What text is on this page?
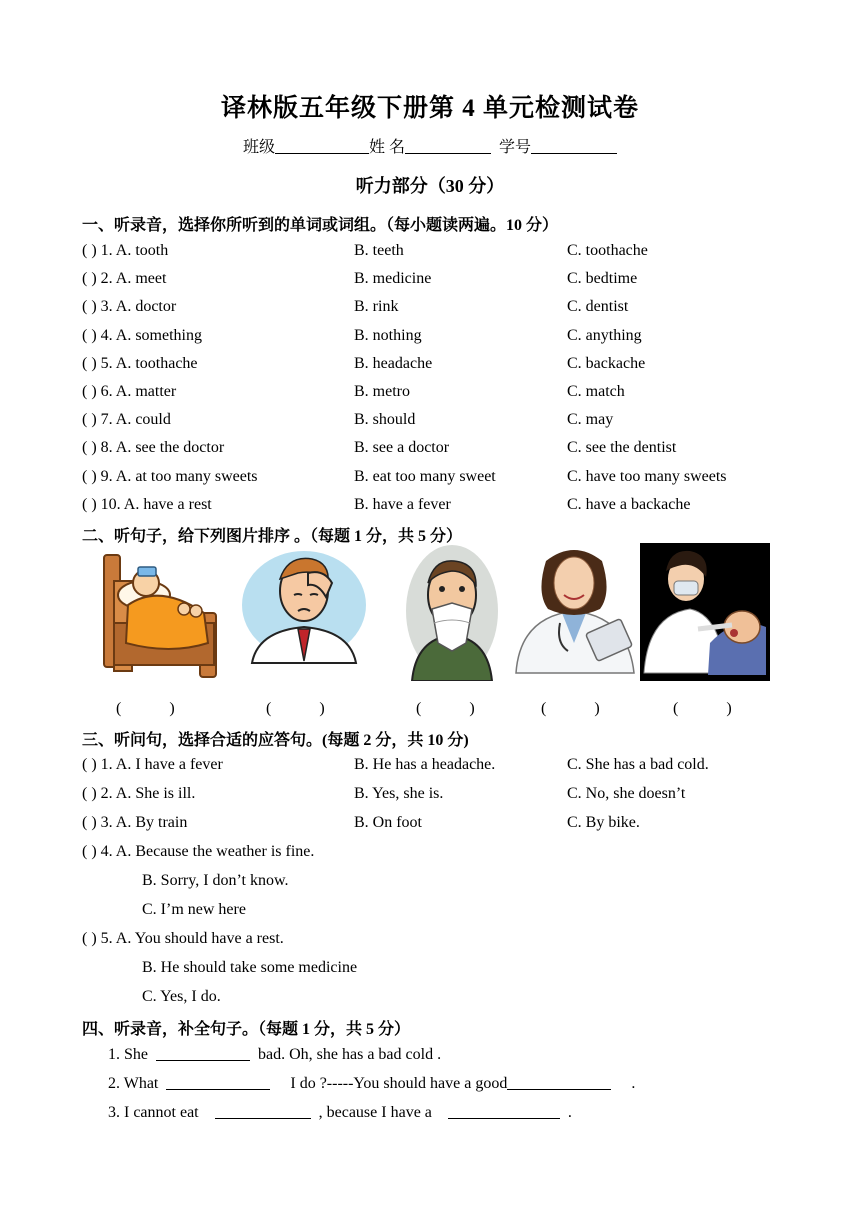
译林版五年级下册第 4 单元检测试卷
班级	姓 名	学号
听力部分（30 分）
一、听录音，选择你所听到的单词或词组。（每小题读两遍。10 分）
( ) 1. A. tooth	B. teeth	C. toothache
( ) 2. A. meet	B. medicine	C. bedtime
( ) 3. A. doctor	B. rink	C. dentist
( ) 4. A. something	B. nothing	C. anything
( ) 5. A. toothache	B. headache	C. backache
( ) 6. A. matter	B. metro	C. match
( ) 7. A. could	B. should	C. may
( ) 8. A. see the doctor	B. see a doctor	C. see the dentist
( ) 9. A. at too many sweets	B. eat too many sweet	C. have too many sweets
( ) 10. A. have a rest	B. have a fever	C. have a backache
二、听句子，给下列图片排序 。（每题 1 分，共 5 分）
(            )	(            )	(            )	(            )	(            )
三、听问句，选择合适的应答句。(每题 2 分，共 10 分)
( ) 1. A. I have a fever	B. He has a headache.	C. She has a bad cold.
( ) 2. A. She is ill.	B. Yes, she is.	C. No, she doesn’t
( ) 3. A. By train	B. On foot	C. By bike.
( ) 4. A. Because the weather is fine.
B. Sorry, I don’t know.
C. I’m new here
( ) 5. A. You should have a rest.
B. He should take some medicine
C. Yes, I do.
四、听录音，补全句子。（每题 1 分，共 5 分）
1. She	bad. Oh, she has a bad cold .
2. What	I do ?-----You should have a good	.
3. I cannot eat	, because I have a	.
